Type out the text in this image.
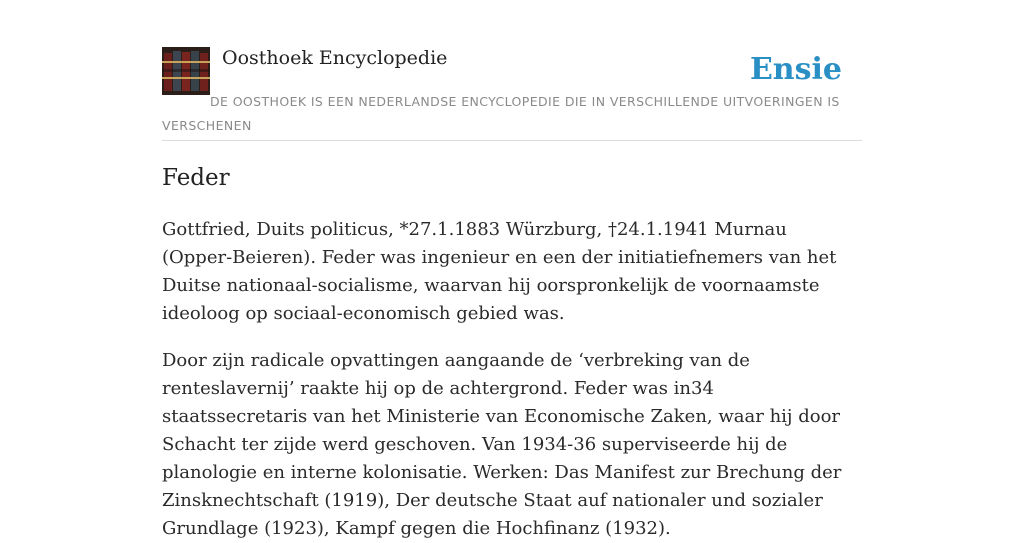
Oosthoek Encyclopedie	Ensie
DE OOSTHOEK IS EEN NEDERLANDSE ENCYCLOPEDIE DIE IN VERSCHILLENDE UITVOERINGEN IS VERSCHENEN
Feder

Gottfried, Duits politicus, *27.1.1883 Würzburg, †24.1.1941 Murnau (Opper-Beieren). Feder was ingenieur en een der initiatiefnemers van het Duitse nationaal-socialisme, waarvan hij oorspronkelijk de voornaamste ideoloog op sociaal-economisch gebied was.

Door zijn radicale opvattingen aangaande de ‘verbreking van de renteslavernij’ raakte hij op de achtergrond. Feder was in34 staatssecretaris van het Ministerie van Economische Zaken, waar hij door Schacht ter zijde werd geschoven. Van 1934-36 superviseerde hij de planologie en interne kolonisatie. Werken: Das Manifest zur Brechung der Zinsknechtschaft (1919), Der deutsche Staat auf nationaler und sozialer Grundlage (1923), Kampf gegen die Hochfinanz (1932).
